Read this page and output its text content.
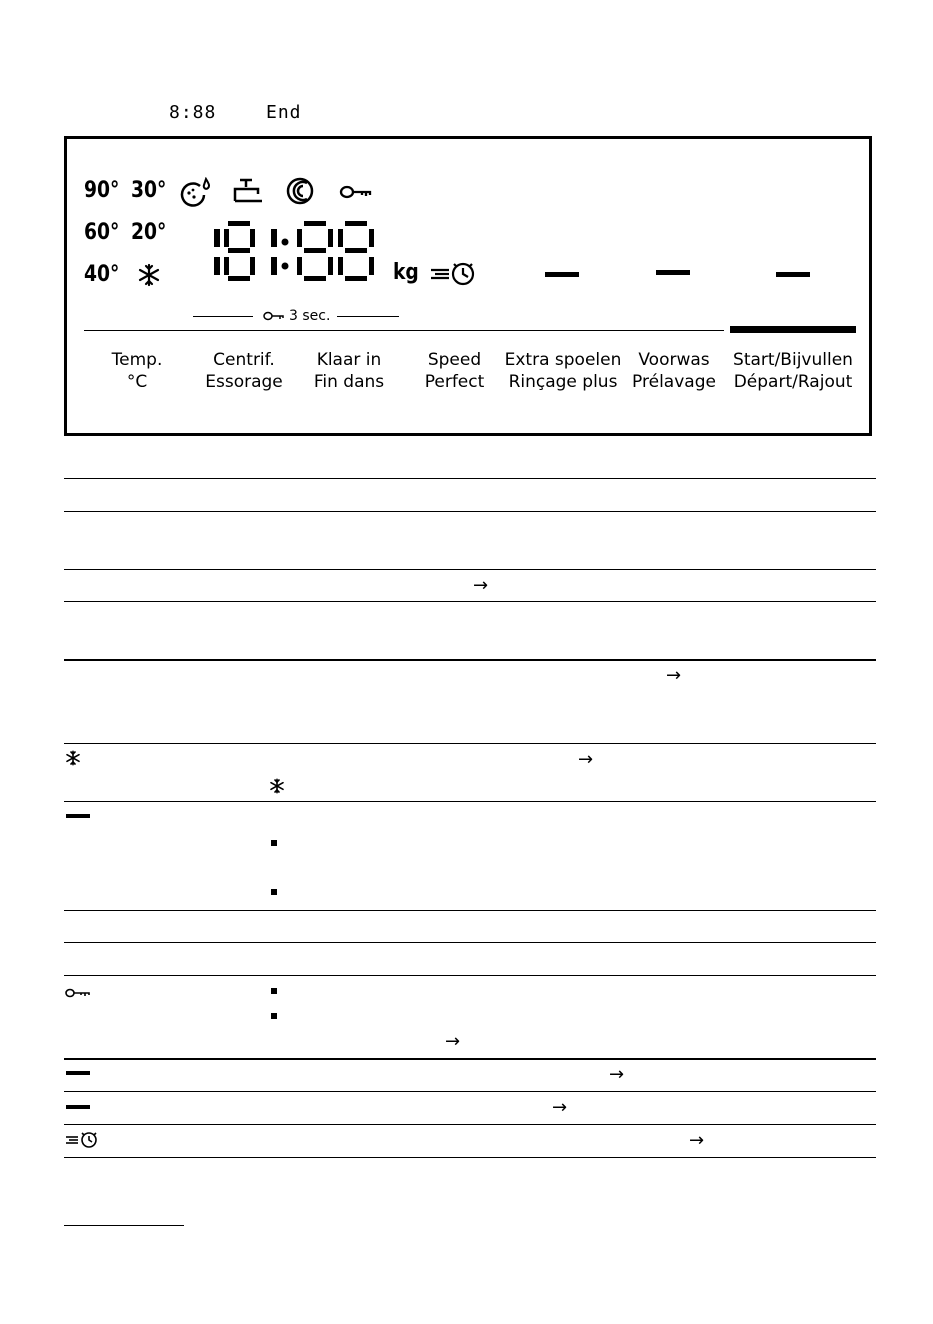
8:88	End
90° 30°
60° 20°
40°	kg
3 sec.
Temp.
°C
Centrif.
Essorage
Klaar in
Fin dans
Speed
Perfect
Extra spoelen
Rinçage plus
Voorwas
Prélavage
Start/Bijvullen
Départ/Rajout
→
→
→
→
→
→
→
